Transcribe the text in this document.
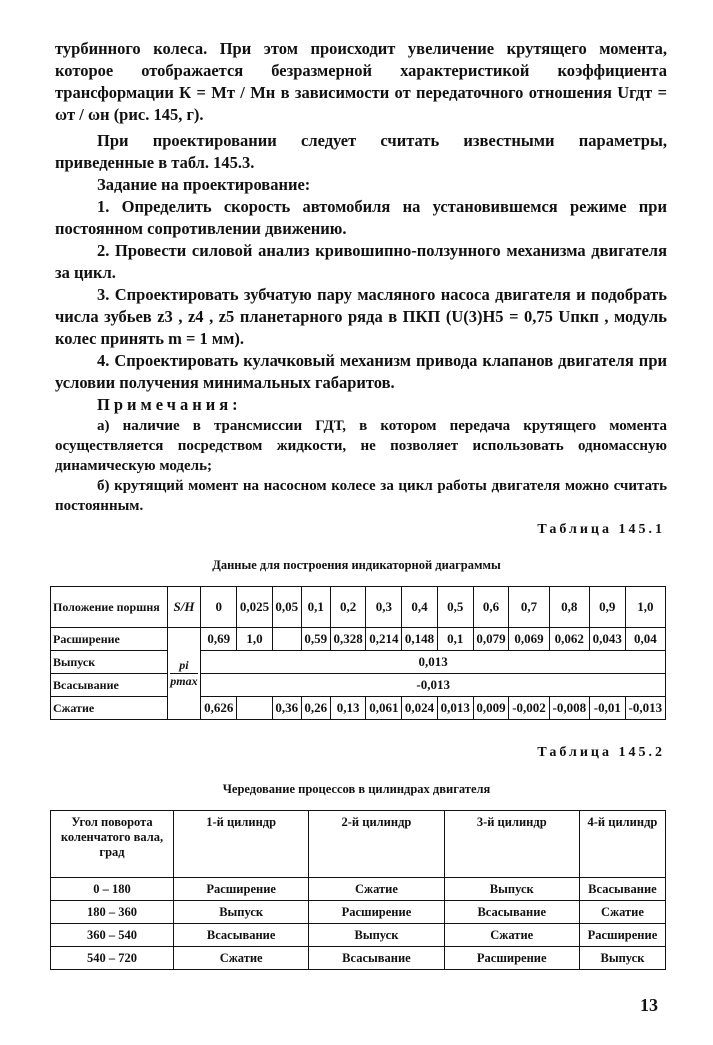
турбинного колеса. При этом происходит увеличение крутящего момента, которое отображается безразмерной характеристикой коэффициента трансформации К = Mт / Mн в зависимости от передаточного отношения Uгдт = ωт / ωн (рис. 145, г).

При проектировании следует считать известными параметры, приведенные в табл. 145.3.

Задание на проектирование:

1. Определить скорость автомобиля на установившемся режиме при постоянном сопротивлении движению.

2. Провести силовой анализ кривошипно-ползунного механизма двигателя за цикл.

3. Спроектировать зубчатую пару масляного насоса двигателя и подобрать числа зубьев z3 , z4 , z5 планетарного ряда в ПКП (U(3)H5 = 0,75 Uпкп , модуль колес принять m = 1 мм).

4. Спроектировать кулачковый механизм привода клапанов двигателя при условии получения минимальных габаритов.

Примечания:

а) наличие в трансмиссии ГДТ, в котором передача крутящего момента осуществляется посредством жидкости, не позволяет использовать одномассную динамическую модель;

б) крутящий момент на насосном колесе за цикл работы двигателя можно считать постоянным.

Таблица 145.1
Данные для построения индикаторной диаграммы
Положение поршня	S/H	0	0,025	0,05	0,1	0,2	0,3	0,4	0,5	0,6	0,7	0,8	0,9	1,0
Расширение	$\frac{pi}{pmax}$	0,69	1,0		0,59	0,328	0,214	0,148	0,1	0,079	0,069	0,062	0,043	0,04
Выпуск		0,013												
Всасывание		-0,013												
Сжатие		0,626		0,36	0,26	0,13	0,061	0,024	0,013	0,009	-0,002	-0,008	-0,01	-0,013
Таблица 145.2
Чередование процессов в цилиндрах двигателя
Угол поворота коленчатого вала, град	1-й цилиндр	2-й цилиндр	3-й цилиндр	4-й цилиндр
0 – 180	Расширение	Сжатие	Выпуск	Всасывание
180 – 360	Выпуск	Расширение	Всасывание	Сжатие
360 – 540	Всасывание	Выпуск	Сжатие	Расширение
540 – 720	Сжатие	Всасывание	Расширение	Выпуск
13
